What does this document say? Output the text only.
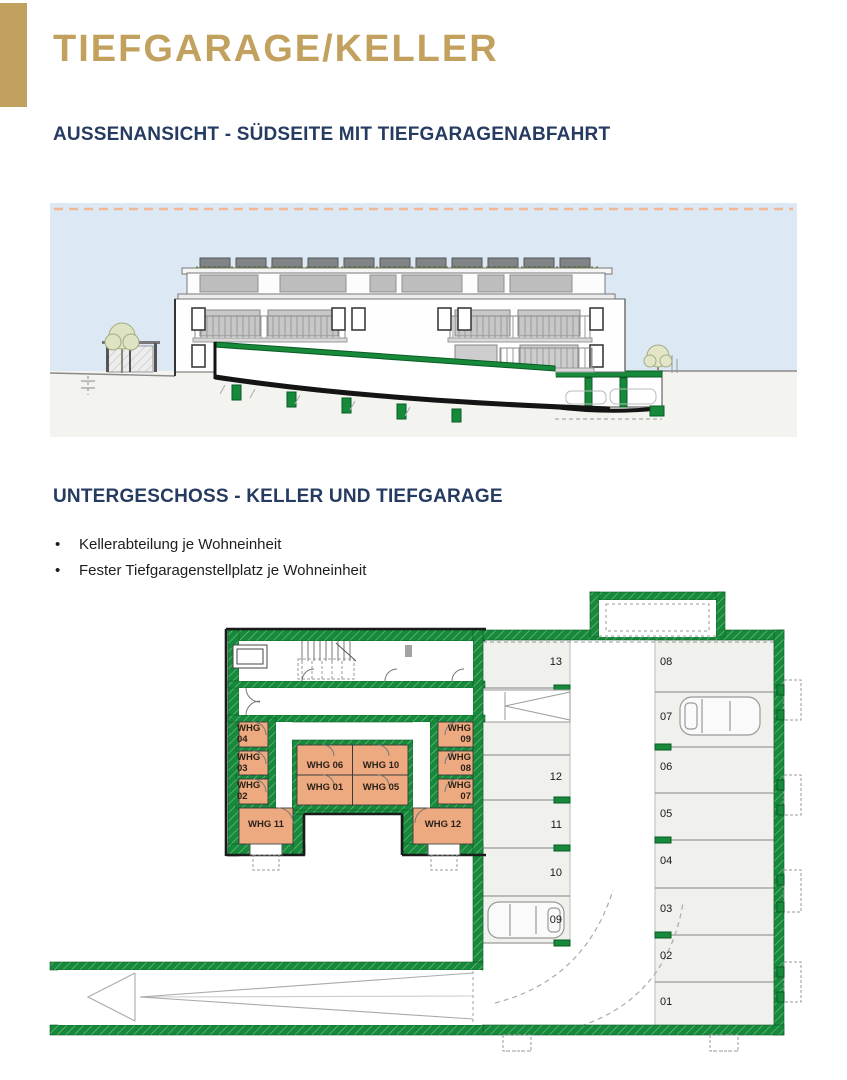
TIEFGARAGE/KELLER
AUSSENANSICHT - SÜDSEITE MIT TIEFGARAGENABFAHRT
UNTERGESCHOSS - KELLER UND TIEFGARAGE
• Kellerabteilung je Wohneinheit
• Fester Tiefgaragenstellplatz je Wohneinheit
WHG 04
WHG 03
WHG 02
WHG 11
WHG 09
WHG 08
WHG 07
WHG 12
WHG 06	WHG 10
WHG 01	WHG 05
13
12
11
10
09
08
07
06
05
04
03
02
01
